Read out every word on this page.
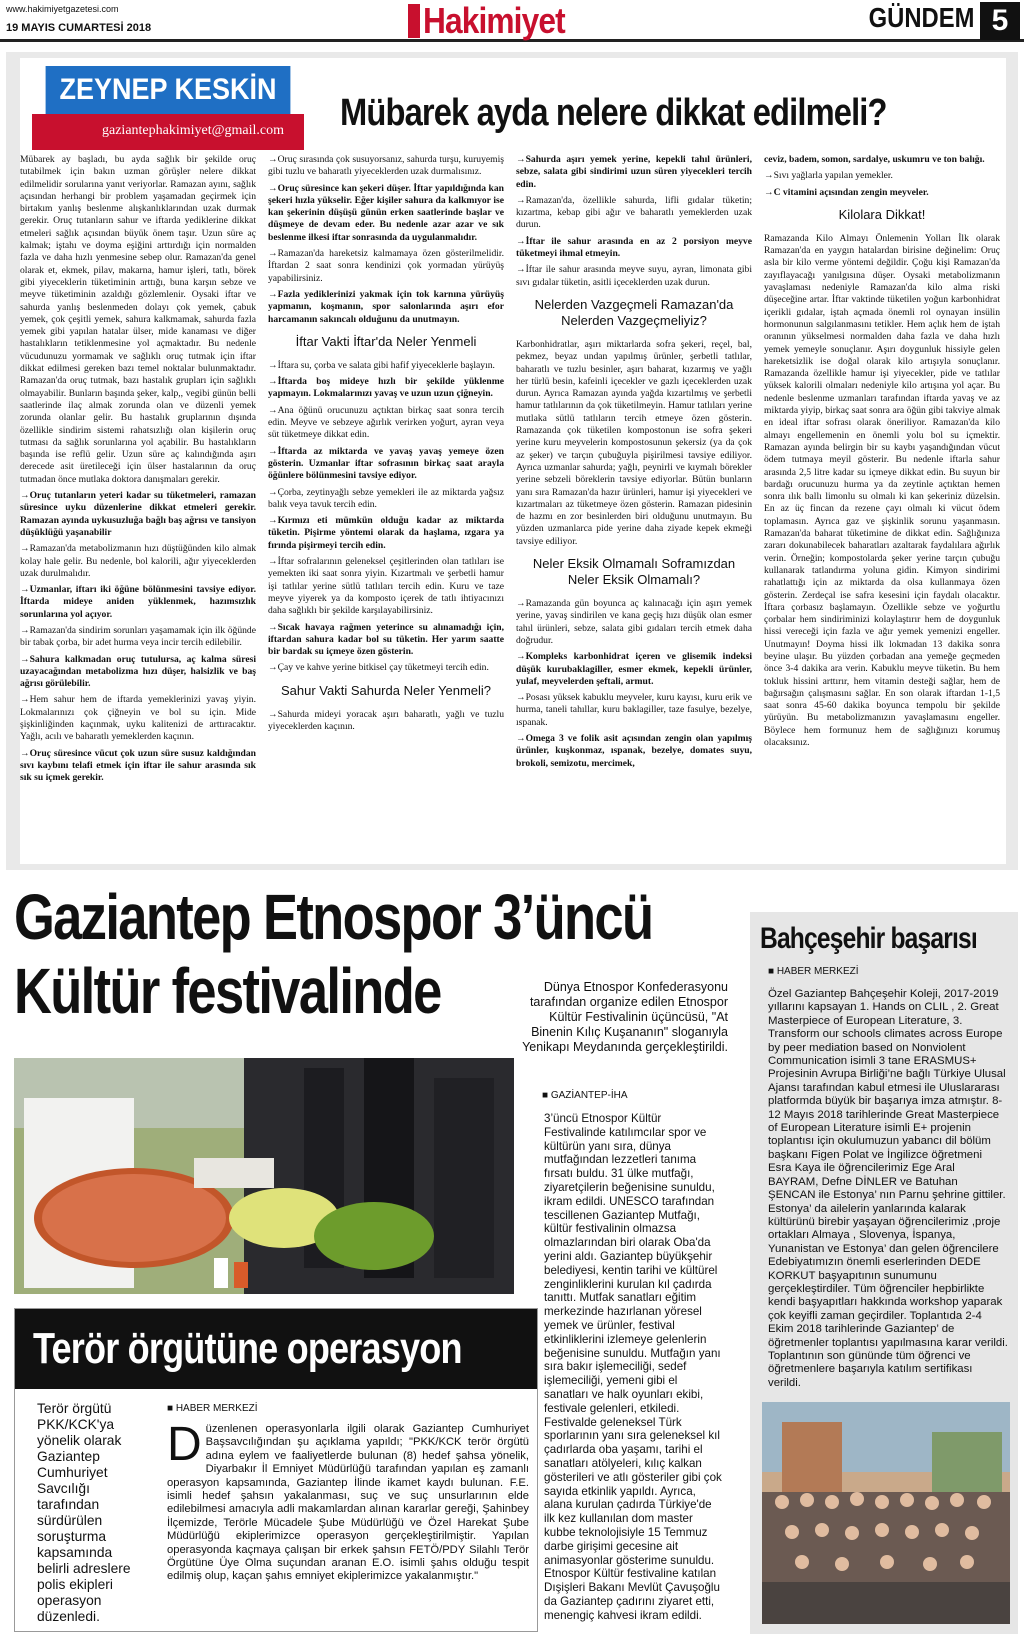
www.hakimiyetgazetesi.com
19 MAYIS CUMARTESİ 2018	Hakimiyet	GÜNDEM 5
ZEYNEP KESKİN
gaziantephakimiyet@gmail.com	Mübarek ayda nelere dikkat edilmeli?

Mübarek ay başladı, bu ayda sağlık bir şekilde oruç tutabilmek için bakın uzman görüşler nelere dikkat edilmelidir sorularına yanıt veriyorlar. Ramazan ayını, sağlık açısından herhangi bir problem yaşamadan geçirmek için birtakım yanlış beslenme alışkanlıklarından uzak durmak gerekir. Oruç tutanların sahur ve iftarda yediklerine dikkat etmeleri sağlık açısından büyük önem taşır. Uzun süre aç kalmak; iştahı ve doyma eşiğini arttırdığı için normalden fazla ve daha hızlı yenmesine sebep olur. Ramazan'da genel olarak et, ekmek, pilav, makarna, hamur işleri, tatlı, börek gibi yiyeceklerin tüketiminin arttığı, buna karşın sebze ve meyve tüketiminin azaldığı gözlemlenir. Oysaki iftar ve sahurda yanlış beslenmeden dolayı çok yemek, çabuk yemek, çok çeşitli yemek, sahura kalkmamak, sahurda fazla yemek gibi yapılan hatalar ülser, mide kanaması ve diğer hastalıkların tetiklenmesine yol açmaktadır. Bu nedenle vücudunuzu yormamak ve sağlıklı oruç tutmak için iftar dikkat edilmesi gereken bazı temel noktalar bulunmaktadır. Ramazan'da oruç tutmak, bazı hastalık grupları için sağlıklı olmayabilir. Bunların başında şeker, kalp,, vegibi günün belli saatlerinde ilaç almak zorunda olan ve düzenli yemek zorunda olanlar gelir. Bu hastalık gruplarının dışında özellikle sindirim sistemi rahatsızlığı olan kişilerin oruç tutması da sağlık sorunlarına yol açabilir. Bu hastalıkların başında ise reflü gelir. Uzun süre aç kalındığında aşırı derecede asit üretileceği için ülser hastalarının da oruç tutmadan önce mutlaka doktora danışmaları gerekir.

→Oruç tutanların yeteri kadar su tüketmeleri, ramazan süresince uyku düzenlerine dikkat etmeleri gerekir. Ramazan ayında uykusuzluğa bağlı baş ağrısı ve tansiyon düşüklüğü yaşanabilir

→Ramazan'da metabolizmanın hızı düştüğünden kilo almak kolay hale gelir. Bu nedenle, bol kalorili, ağır yiyeceklerden uzak durulmalıdır.

→Uzmanlar, iftarı iki öğüne bölünmesini tavsiye ediyor. İftarda mideye aniden yüklenmek, hazımsızlık sorunlarına yol açıyor.

→Ramazan'da sindirim sorunları yaşamamak için ilk öğünde bir tabak çorba, bir adet hurma veya incir tercih edilebilir.

→Sahura kalkmadan oruç tutulursa, aç kalma süresi uzayacağından metabolizma hızı düşer, halsizlik ve baş ağrısı görülebilir.

→Hem sahur hem de iftarda yemeklerinizi yavaş yiyin. Lokmalarınızı çok çiğneyin ve bol su için. Mide şişkinliğinden kaçınmak, uyku kalitenizi de arttıracaktır. Yağlı, acılı ve baharatlı yemeklerden kaçının.

→Oruç süresince vücut çok uzun süre susuz kaldığından sıvı kaybını telafi etmek için iftar ile sahur arasında sık sık su içmek gerekir.

→Oruç sırasında çok susuyorsanız, sahurda turşu, kuruyemiş gibi tuzlu ve baharatlı yiyeceklerden uzak durmalısınız.

→Oruç süresince kan şekeri düşer. İftar yapıldığında kan şekeri hızla yükselir. Eğer kişiler sahura da kalkmıyor ise kan şekerinin düşüşü günün erken saatlerinde başlar ve düşmeye de devam eder. Bu nedenle azar azar ve sık beslenme ilkesi iftar sonrasında da uygulanmalıdır.

→Ramazan'da hareketsiz kalmamaya özen gösterilmelidir. İftardan 2 saat sonra kendinizi çok yormadan yürüyüş yapabilirsiniz.

→Fazla yediklerinizi yakmak için tok karnına yürüyüş yapmanın, koşmanın, spor salonlarında aşırı efor harcamanın sakıncalı olduğunu da unutmayın.

İftar Vakti İftar'da Neler Yenmeli

→İftara su, çorba ve salata gibi hafif yiyeceklerle başlayın.

→İftarda boş mideye hızlı bir şekilde yüklenme yapmayın. Lokmalarınızı yavaş ve uzun uzun çiğneyin.

→Ana öğünü orucunuzu açtıktan birkaç saat sonra tercih edin. Meyve ve sebzeye ağırlık verirken yoğurt, ayran veya süt tüketmeye dikkat edin.

→İftarda az miktarda ve yavaş yavaş yemeye özen gösterin. Uzmanlar iftar sofrasının birkaç saat arayla öğünlere bölünmesini tavsiye ediyor.

→Çorba, zeytinyağlı sebze yemekleri ile az miktarda yağsız balık veya tavuk tercih edin.

→Kırmızı eti mümkün olduğu kadar az miktarda tüketin. Pişirme yöntemi olarak da haşlama, ızgara ya fırında pişirmeyi tercih edin.

→İftar sofralarının geleneksel çeşitlerinden olan tatlıları ise yemekten iki saat sonra yiyin. Kızartmalı ve şerbetli hamur işi tatlılar yerine sütlü tatlıları tercih edin. Kuru ve taze meyve yiyerek ya da komposto içerek de tatlı ihtiyacınızı daha sağlıklı bir şekilde karşılayabilirsiniz.

→Sıcak havaya rağmen yeterince su alınamadığı için, iftardan sahura kadar bol su tüketin. Her yarım saatte bir bardak su içmeye özen gösterin.

→Çay ve kahve yerine bitkisel çay tüketmeyi tercih edin.

Sahur Vakti Sahurda Neler Yenmeli?

→Sahurda mideyi yoracak aşırı baharatlı, yağlı ve tuzlu yiyeceklerden kaçının.

→Sahurda aşırı yemek yerine, kepekli tahıl ürünleri, sebze, salata gibi sindirimi uzun süren yiyecekleri tercih edin.

→Ramazan'da, özellikle sahurda, lifli gıdalar tüketin; kızartma, kebap gibi ağır ve baharatlı yemeklerden uzak durun.

→İftar ile sahur arasında en az 2 porsiyon meyve tüketmeyi ihmal etmeyin.

→İftar ile sahur arasında meyve suyu, ayran, limonata gibi sıvı gıdalar tüketin, asitli içeceklerden uzak durun.

Nelerden Vazgeçmeli Ramazan'da Nelerden Vazgeçmeliyiz?

Karbonhidratlar, aşırı miktarlarda sofra şekeri, reçel, bal, pekmez, beyaz undan yapılmış ürünler, şerbetli tatlılar, baharatlı ve tuzlu besinler, aşırı baharat, kızarmış ve yağlı her türlü besin, kafeinli içecekler ve gazlı içeceklerden uzak durun. Ayrıca Ramazan ayında yağda kızartılmış ve şerbetli hamur tatlılarının da çok tüketilmeyin. Hamur tatlıları yerine mutlaka sütlü tatlıların tercih etmeye özen gösterin. Ramazanda çok tüketilen kompostonun ise sofra şekeri yerine kuru meyvelerin kompostosunun şekersiz (ya da çok az şeker) ve tarçın çubuğuyla pişirilmesi tavsiye ediliyor. Ayrıca uzmanlar sahurda; yağlı, peynirli ve kıymalı börekler yerine sebzeli böreklerin tavsiye ediyorlar. Bütün bunların yanı sıra Ramazan'da hazır ürünleri, hamur işi yiyecekleri ve kızartmaları az tüketmeye özen gösterin. Ramazan pidesinin de hazmı en zor besinlerden biri olduğunu unutmayın. Bu yüzden uzmanlarca pide yerine daha ziyade kepek ekmeği tavsiye ediliyor.

Neler Eksik Olmamalı Soframızdan Neler Eksik Olmamalı?

→Ramazanda gün boyunca aç kalınacağı için aşırı yemek yerine, yavaş sindirilen ve kana geçiş hızı düşük olan esmer tahıl ürünleri, sebze, salata gibi gıdaları tercih etmek daha doğrudur.

→Kompleks karbonhidrat içeren ve glisemik indeksi düşük kurubaklagiller, esmer ekmek, kepekli ürünler, yulaf, meyvelerden şeftali, armut.

→Posası yüksek kabuklu meyveler, kuru kayısı, kuru erik ve hurma, taneli tahıllar, kuru baklagiller, taze fasulye, bezelye, ıspanak.

→Omega 3 ve folik asit açısından zengin olan yapılmış ürünler, kuşkonmaz, ıspanak, bezelye, domates suyu, brokoli, semizotu, mercimek,

ceviz, badem, somon, sardalye, uskumru ve ton balığı.

→Sıvı yağlarla yapılan yemekler.

→C vitamini açısından zengin meyveler.

Kilolara Dikkat!

Ramazanda Kilo Almayı Önlemenin Yolları İlk olarak Ramazan'da en yaygın hatalardan birisine değinelim: Oruç asla bir kilo verme yöntemi değildir. Çoğu kişi Ramazan'da zayıflayacağı yanılgısına düşer. Oysaki metabolizmanın yavaşlaması nedeniyle Ramazan'da kilo alma riski düşeceğine artar. İftar vaktinde tüketilen yoğun karbonhidrat içerikli gıdalar, iştah açmada önemli rol oynayan insülin hormonunun salgılanmasını tetikler. Hem açlık hem de iştah oranının yükselmesi normalden daha fazla ve daha hızlı yemek yemeyle sonuçlanır. Aşırı doygunluk hissiyle gelen hareketsizlik ise doğal olarak kilo artışıyla sonuçlanır. Ramazanda özellikle hamur işi yiyecekler, pide ve tatlılar yüksek kalorili olmaları nedeniyle kilo artışına yol açar. Bu nedenle beslenme uzmanları tarafından iftarda yavaş ve az miktarda yiyip, birkaç saat sonra ara öğün gibi takviye almak en ideal iftar sofrası olarak öneriliyor. Ramazan'da kilo almayı engellemenin en önemli yolu bol su içmektir. Ramazan ayında belirgin bir su kaybı yaşandığından vücut ödem tutmaya meyil gösterir. Bu nedenle iftarla sahur arasında 2,5 litre kadar su içmeye dikkat edin. Bu suyun bir bardağı orucunuzu hurma ya da zeytinle açtıktan hemen sonra ılık ballı limonlu su olmalı ki kan şekeriniz düzelsin. En az üç fincan da rezene çayı olmalı ki vücut ödem toplamasın. Ayrıca gaz ve şişkinlik sorunu yaşanmasın. Ramazan'da baharat tüketimine de dikkat edin. Sağlığınıza zararı dokunabilecek baharatları azaltarak faydalılara ağırlık verin. Örneğin; kompostolarda şeker yerine tarçın çubuğu kullanarak tatlandırma yoluna gidin. Kimyon sindirimi rahatlattığı için az miktarda da olsa kullanmaya özen gösterin. Zerdeçal ise safra kesesini için faydalı olacaktır. İftara çorbasız başlamayın. Özellikle sebze ve yoğurtlu çorbalar hem sindiriminizi kolaylaştırır hem de doygunluk hissi vereceği için fazla ve ağır yemek yemenizi engeller. Unutmayın! Doyma hissi ilk lokmadan 13 dakika sonra beyine ulaşır. Bu yüzden çorbadan ana yemeğe geçmeden önce 3-4 dakika ara verin. Kabuklu meyve tüketin. Bu hem tokluk hissini arttırır, hem vitamin desteği sağlar, hem de bağırsağın çalışmasını sağlar. En son olarak iftardan 1-1,5 saat sonra 45-60 dakika boyunca tempolu bir şekilde yürüyün. Bu metabolizmanızın yavaşlamasını engeller. Böylece hem formunuz hem de sağlığınızı korumuş olacaksınız.

Gaziantep Etnospor 3’üncü
Kültür festivalinde	Dünya Etnospor Konfederasyonu tarafından organize edilen Etnospor Kültür Festivalinin üçüncüsü, "At Binenin Kılıç Kuşananın" sloganıyla Yenikapı Meydanında gerçekleştirildi.
■ GAZİANTEP-İHA
3’üncü Etnospor Kültür Festivalinde katılımcılar spor ve kültürün yanı sıra, dünya mutfağından lezzetleri tanıma fırsatı buldu. 31 ülke mutfağı, ziyaretçilerin beğenisine sunuldu, ikram edildi. UNESCO tarafından tescillenen Gaziantep Mutfağı, kültür festivalinin olmazsa olmazlarından biri olarak Oba'da yerini aldı. Gaziantep büyükşehir belediyesi, kentin tarihi ve kültürel zenginliklerini kurulan kıl çadırda tanıttı. Mutfak sanatları eğitim merkezinde hazırlanan yöresel yemek ve ürünler, festival etkinliklerini izlemeye gelenlerin beğenisine sunuldu. Mutfağın yanı sıra bakır işlemeciliği, sedef işlemeciliği, yemeni gibi el sanatları ve halk oyunları ekibi, festivale gelenleri, etkiledi. Festivalde geleneksel Türk sporlarının yanı sıra geleneksel kıl çadırlarda oba yaşamı, tarihi el sanatları atölyeleri, kılıç kalkan gösterileri ve atlı gösteriler gibi çok sayıda etkinlik yapıldı. Ayrıca, alana kurulan çadırda Türkiye'de ilk kez kullanılan dom master kubbe teknolojisiyle 15 Temmuz darbe girişimi gecesine ait animasyonlar gösterime sunuldu. Etnospor Kültür festivaline katılan Dışişleri Bakanı Mevlüt Çavuşoğlu da Gaziantep çadırını ziyaret etti, menengiç kahvesi ikram edildi.
Terör örgütüne operasyon
Terör örgütü PKK/KCK'ya yönelik olarak Gaziantep Cumhuriyet Savcılığı tarafından sürdürülen soruşturma kapsamında belirli adreslere polis ekipleri operasyon düzenledi.
■ HABER MERKEZİ
Düzenlenen operasyonlarla ilgili olarak Gaziantep Cumhuriyet Başsavcılığından şu açıklama yapıldı; "PKK/KCK terör örgütü adına eylem ve faaliyetlerde bulunan (8) hedef şahsa yönelik, Diyarbakır İl Emniyet Müdürlüğü tarafından yapılan eş zamanlı operasyon kapsamında, Gaziantep İlinde ikamet kaydı bulunan. F.E. isimli hedef şahsın yakalanması, suç ve suç unsurlarının elde edilebilmesi amacıyla adli makamlardan alınan kararlar gereği, Şahinbey İlçemizde, Terörle Mücadele Şube Müdürlüğü ve Özel Harekat Şube Müdürlüğü ekiplerimizce operasyon gerçekleştirilmiştir. Yapılan operasyonda kaçmaya çalışan bir erkek şahsın FETÖ/PDY Silahlı Terör Örgütüne Üye Olma suçundan aranan E.O. isimli şahıs olduğu tespit edilmiş olup, kaçan şahıs emniyet ekiplerimizce yakalanmıştır."
Bahçeşehir başarısı
■ HABER MERKEZİ
Özel Gaziantep Bahçeşehir Koleji, 2017-2019 yıllarını kapsayan 1. Hands on CLIL , 2. Great Masterpiece of European Literature, 3. Transform our schools climates across Europe by peer mediation based on Nonviolent Communication isimli 3 tane ERASMUS+ Projesinin Avrupa Birliği’ne bağlı Türkiye Ulusal Ajansı tarafından kabul etmesi ile Uluslararası platformda büyük bir başarıya imza atmıştır. 8-12 Mayıs 2018 tarihlerinde Great Masterpiece of European Literature isimli E+ projenin toplantısı için okulumuzun yabancı dil bölüm başkanı Figen Polat ve İngilizce öğretmeni Esra Kaya ile öğrencilerimiz Ege Aral BAYRAM, Defne DİNLER ve Batuhan ŞENCAN ile Estonya’ nın Parnu şehrine gittiler. Estonya’ da ailelerin yanlarında kalarak kültürünü birebir yaşayan öğrencilerimiz ,proje ortakları Almaya , Slovenya, İspanya, Yunanistan ve Estonya’ dan gelen öğrencilere Edebiyatımızın önemli eserlerinden DEDE KORKUT başyapıtının sunumunu gerçekleştirdiler. Tüm öğrenciler hepbirlikte kendi başyapıtları hakkında workshop yaparak çok keyifli zaman geçirdiler. Toplantıda 2-4 Ekim 2018 tarihlerinde Gaziantep’ de öğretmenler toplantısı yapılmasına karar verildi. Toplantının son gününde tüm öğrenci ve öğretmenlere başarıyla katılım sertifikası verildi.
